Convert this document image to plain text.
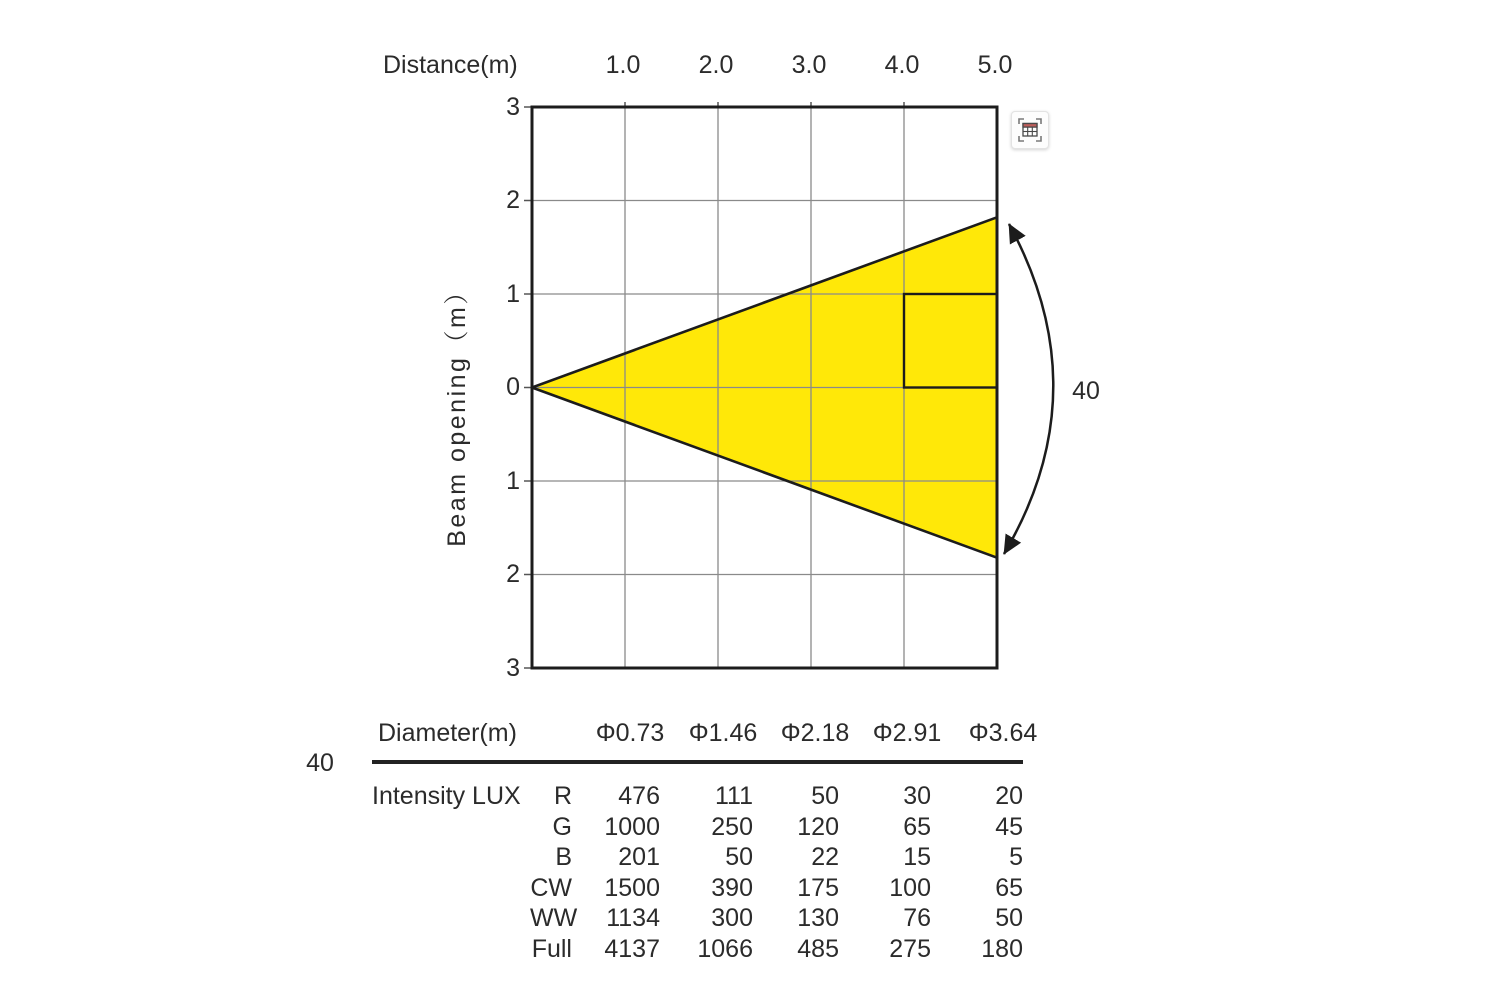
Distance(m)	1.0	2.0	3.0	4.0	5.0
3
2
1
0
1
2
3
Beam opening（m）	40
40
Diameter(m)	Φ0.73 Φ1.46 Φ2.18 Φ2.91	Φ3.64
Intensity LUX	R	476	111	50	30	20
G	1000	250	120	65	45
B	201	50	22	15	5
CW	1500	390	175	100	65
WW	1134	300	130	76	50
Full	4137	1066	485	275	180
